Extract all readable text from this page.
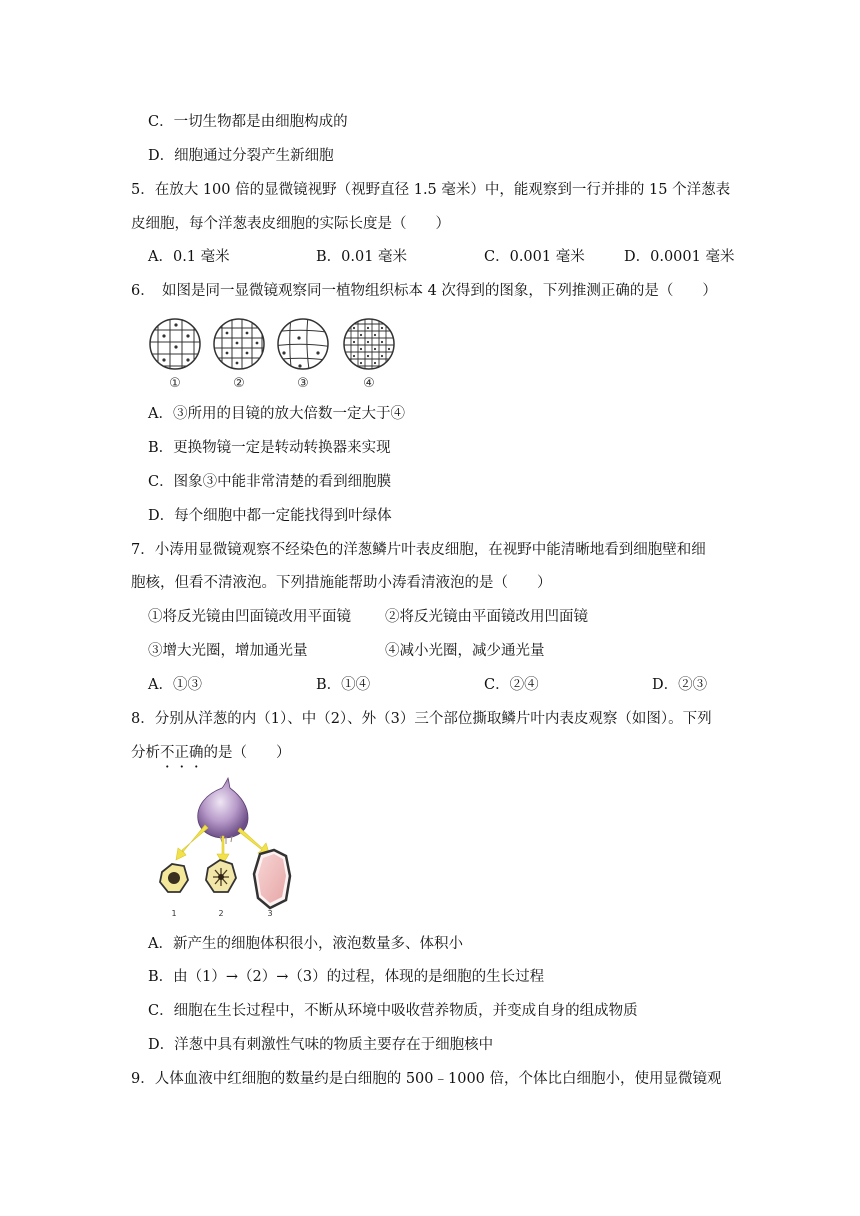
C．一切生物都是由细胞构成的
D．细胞通过分裂产生新细胞
5．在放大 100 倍的显微镜视野（视野直径 1.5 毫米）中，能观察到一行并排的 15 个洋葱表
皮细胞，每个洋葱表皮细胞的实际长度是（　　）
A．0.1 毫米	B．0.01 毫米	C．0.001 毫米	D．0.0001 毫米
6．　如图是同一显微镜观察同一植物组织标本 4 次得到的图象，下列推测正确的是（　　）
①	②	③	④
A．③所用的目镜的放大倍数一定大于④
B．更换物镜一定是转动转换器来实现
C．图象③中能非常清楚的看到细胞膜
D．每个细胞中都一定能找得到叶绿体
7．小涛用显微镜观察不经染色的洋葱鳞片叶表皮细胞，在视野中能清晰地看到细胞壁和细
胞核，但看不清液泡。下列措施能帮助小涛看清液泡的是（　　）
①将反光镜由凹面镜改用平面镜 ②将反光镜由平面镜改用凹面镜
③增大光圈，增加通光量	④减小光圈，减少通光量
A．①③	B．①④	C．②④	D．②③
8．分别从洋葱的内（1）、中（2）、外（3）三个部位撕取鳞片叶内表皮观察（如图）。下列
分析不正确的是（　　）
1	2	3
A．新产生的细胞体积很小，液泡数量多、体积小
B．由（1）→（2）→（3）的过程，体现的是细胞的生长过程
C．细胞在生长过程中，不断从环境中吸收营养物质，并变成自身的组成物质
D．洋葱中具有刺激性气味的物质主要存在于细胞核中
9．人体血液中红细胞的数量约是白细胞的 500﹣1000 倍，个体比白细胞小，使用显微镜观
